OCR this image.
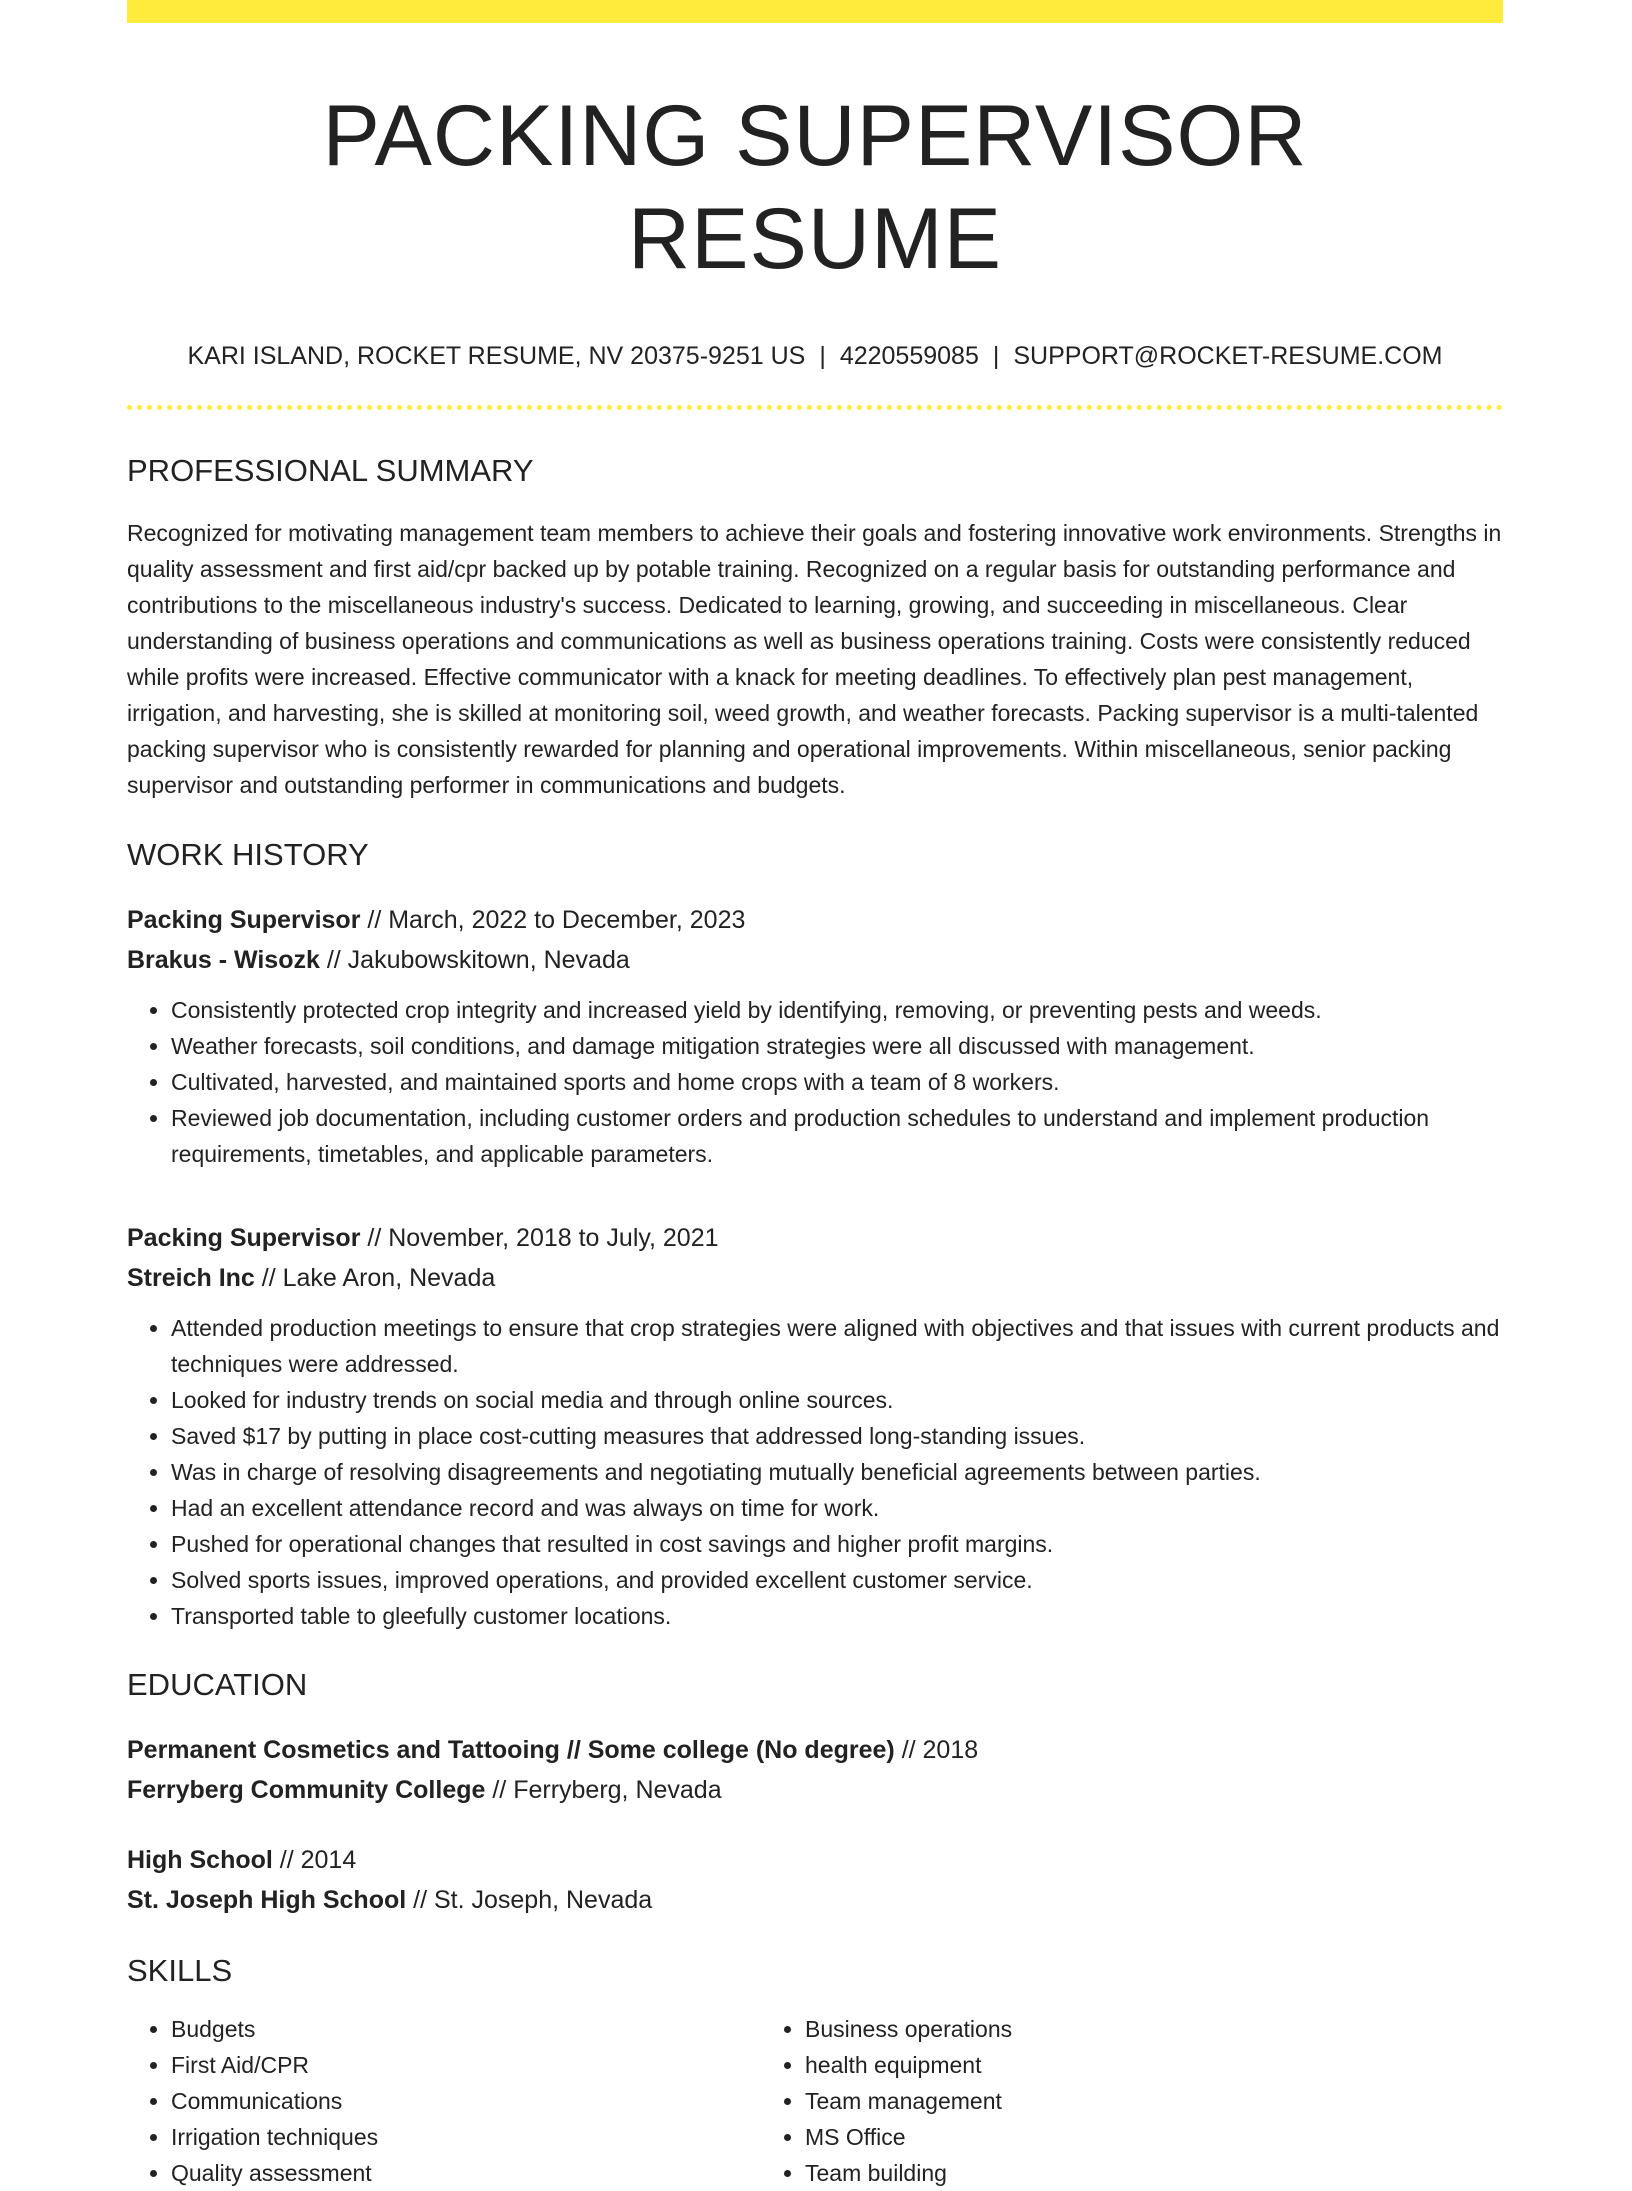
PACKING SUPERVISOR RESUME
KARI ISLAND, ROCKET RESUME, NV 20375-9251 US | 4220559085 | SUPPORT@ROCKET-RESUME.COM
PROFESSIONAL SUMMARY

Recognized for motivating management team members to achieve their goals and fostering innovative work environments. Strengths in quality assessment and first aid/cpr backed up by potable training. Recognized on a regular basis for outstanding performance and contributions to the miscellaneous industry's success. Dedicated to learning, growing, and succeeding in miscellaneous. Clear understanding of business operations and communications as well as business operations training. Costs were consistently reduced while profits were increased. Effective communicator with a knack for meeting deadlines. To effectively plan pest management, irrigation, and harvesting, she is skilled at monitoring soil, weed growth, and weather forecasts. Packing supervisor is a multi-talented packing supervisor who is consistently rewarded for planning and operational improvements. Within miscellaneous, senior packing supervisor and outstanding performer in communications and budgets.

WORK HISTORY
Packing Supervisor // March, 2022 to December, 2023
Brakus - Wisozk // Jakubowskitown, Nevada
• Consistently protected crop integrity and increased yield by identifying, removing, or preventing pests and weeds.
• Weather forecasts, soil conditions, and damage mitigation strategies were all discussed with management.
• Cultivated, harvested, and maintained sports and home crops with a team of 8 workers.
• Reviewed job documentation, including customer orders and production schedules to understand and implement production requirements, timetables, and applicable parameters.
Packing Supervisor // November, 2018 to July, 2021
Streich Inc // Lake Aron, Nevada
• Attended production meetings to ensure that crop strategies were aligned with objectives and that issues with current products and techniques were addressed.
• Looked for industry trends on social media and through online sources.
• Saved $17 by putting in place cost-cutting measures that addressed long-standing issues.
• Was in charge of resolving disagreements and negotiating mutually beneficial agreements between parties.
• Had an excellent attendance record and was always on time for work.
• Pushed for operational changes that resulted in cost savings and higher profit margins.
• Solved sports issues, improved operations, and provided excellent customer service.
• Transported table to gleefully customer locations.
EDUCATION
Permanent Cosmetics and Tattooing // Some college (No degree) // 2018
Ferryberg Community College // Ferryberg, Nevada
High School // 2014
St. Joseph High School // St. Joseph, Nevada
SKILLS
• Budgets
• First Aid/CPR
• Communications
• Irrigation techniques
• Quality assessment
• Business operations
• health equipment
• Team management
• MS Office
• Team building
